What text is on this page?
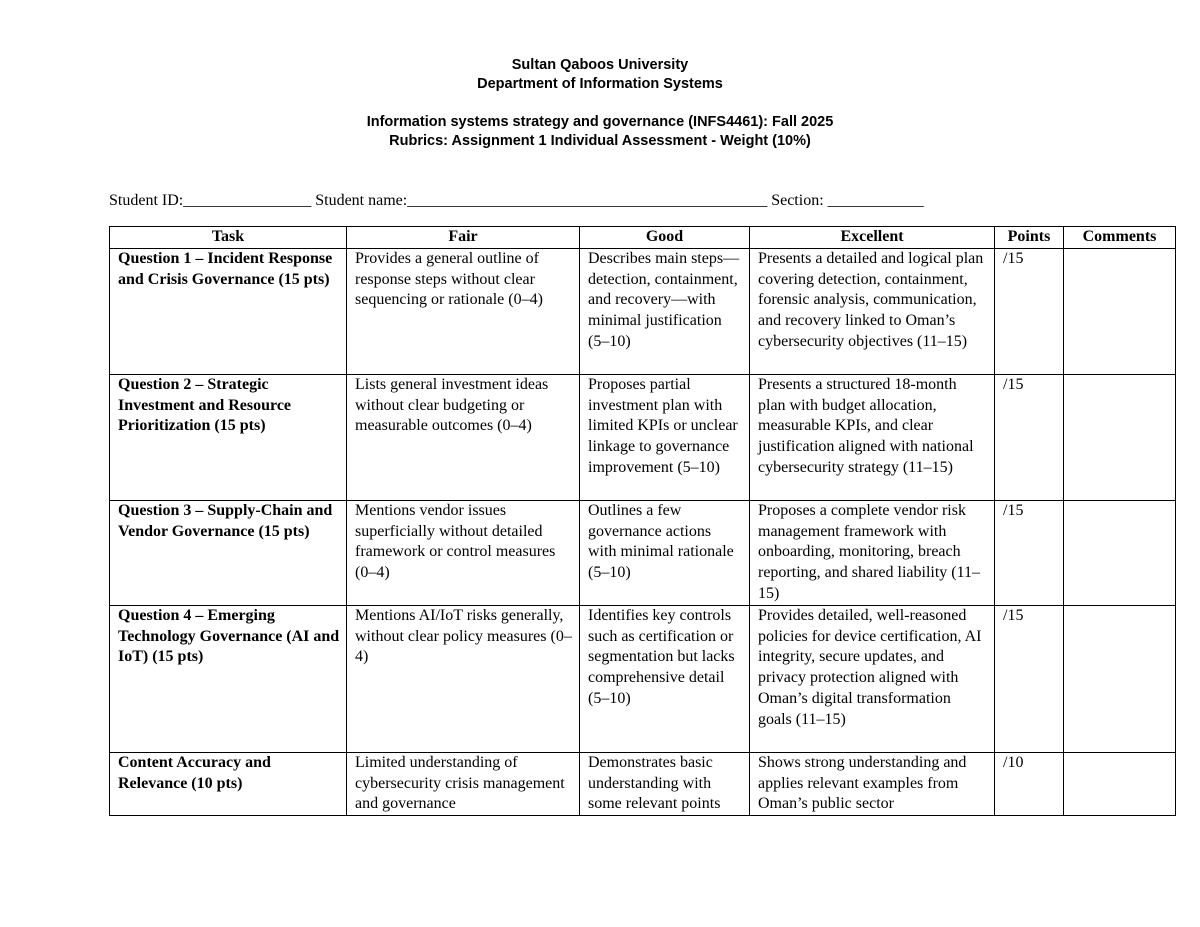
Sultan Qaboos University
Department of Information Systems
Information systems strategy and governance (INFS4461): Fall 2025
Rubrics: Assignment 1 Individual Assessment - Weight (10%)
Student ID:________________ Student name:_____________________________________________ Section: ____________
Task	Fair	Good	Excellent	Points	Comments
Question 1 – Incident Response and Crisis Governance (15 pts)	Provides a general outline of response steps without clear sequencing or rationale (0–4)	Describes main steps—detection, containment, and recovery—with minimal justification (5–10)	Presents a detailed and logical plan covering detection, containment, forensic analysis, communication, and recovery linked to Oman’s cybersecurity objectives (11–15)	/15	
Question 2 – Strategic Investment and Resource Prioritization (15 pts)	Lists general investment ideas without clear budgeting or measurable outcomes (0–4)	Proposes partial investment plan with limited KPIs or unclear linkage to governance improvement (5–10)	Presents a structured 18-month plan with budget allocation, measurable KPIs, and clear justification aligned with national cybersecurity strategy (11–15)	/15	
Question 3 – Supply-Chain and Vendor Governance (15 pts)	Mentions vendor issues superficially without detailed framework or control measures (0–4)	Outlines a few governance actions with minimal rationale (5–10)	Proposes a complete vendor risk management framework with onboarding, monitoring, breach reporting, and shared liability (11–15)	/15	
Question 4 – Emerging Technology Governance (AI and IoT) (15 pts)	Mentions AI/IoT risks generally, without clear policy measures (0–4)	Identifies key controls such as certification or segmentation but lacks comprehensive detail (5–10)	Provides detailed, well-reasoned policies for device certification, AI integrity, secure updates, and privacy protection aligned with Oman’s digital transformation goals (11–15)	/15	
Content Accuracy and Relevance (10 pts)	Limited understanding of cybersecurity crisis management and governance	Demonstrates basic understanding with some relevant points	Shows strong understanding and applies relevant examples from Oman’s public sector	/10	
